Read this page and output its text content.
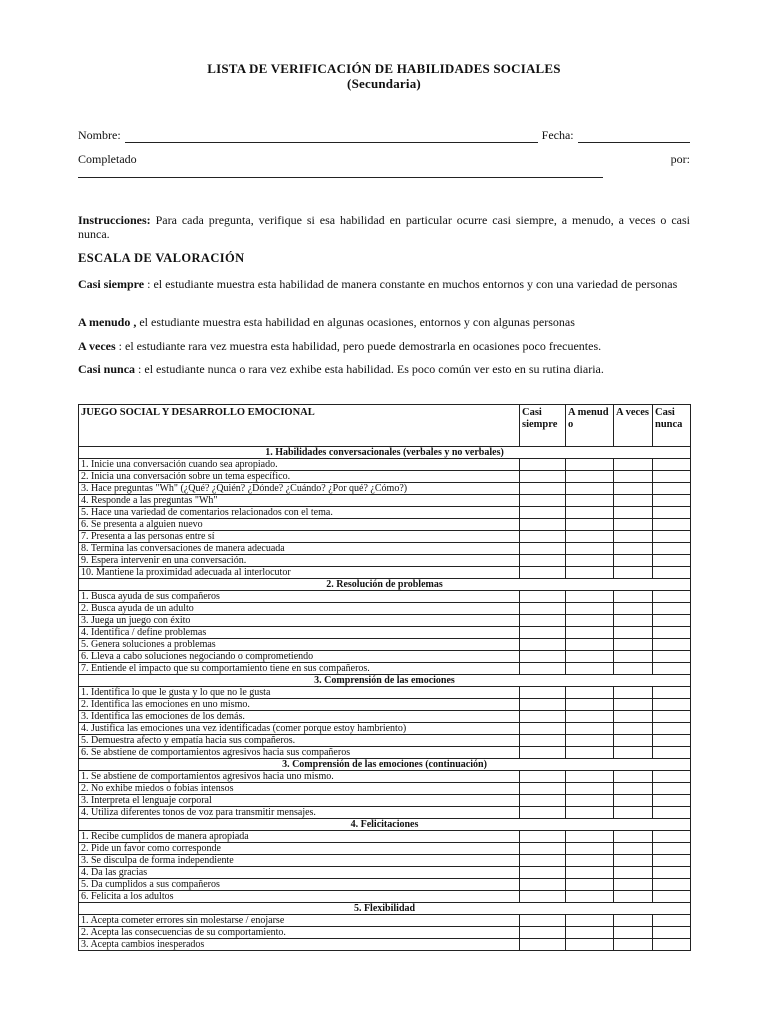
LISTA DE VERIFICACIÓN DE HABILIDADES SOCIALES
(Secundaria)
Nombre:	Fecha:
Completado	por:
Instrucciones: Para cada pregunta, verifique si esa habilidad en particular ocurre casi siempre, a menudo, a veces o casi nunca.
ESCALA DE VALORACIÓN
Casi siempre : el estudiante muestra esta habilidad de manera constante en muchos entornos y con una variedad de personas
A menudo , el estudiante muestra esta habilidad en algunas ocasiones, entornos y con algunas personas
A veces : el estudiante rara vez muestra esta habilidad, pero puede demostrarla en ocasiones poco frecuentes.
Casi nunca : el estudiante nunca o rara vez exhibe esta habilidad. Es poco común ver esto en su rutina diaria.
JUEGO SOCIAL Y DESARROLLO EMOCIONAL	Casi siempre	A menud o	A veces	Casi nunca
1. Habilidades conversacionales (verbales y no verbales)				
1. Inicie una conversación cuando sea apropiado.				
2. Inicia una conversación sobre un tema específico.				
3. Hace preguntas "Wh" (¿Qué? ¿Quién? ¿Dónde? ¿Cuándo? ¿Por qué? ¿Cómo?)				
4. Responde a las preguntas "Wh"				
5. Hace una variedad de comentarios relacionados con el tema.				
6. Se presenta a alguien nuevo				
7. Presenta a las personas entre sí				
8. Termina las conversaciones de manera adecuada				
9. Espera intervenir en una conversación.				
10. Mantiene la proximidad adecuada al interlocutor				
2. Resolución de problemas				
1. Busca ayuda de sus compañeros				
2. Busca ayuda de un adulto				
3. Juega un juego con éxito				
4. Identifica / define problemas				
5. Genera soluciones a problemas				
6. Lleva a cabo soluciones negociando o comprometiendo				
7. Entiende el impacto que su comportamiento tiene en sus compañeros.				
3. Comprensión de las emociones				
1. Identifica lo que le gusta y lo que no le gusta				
2. Identifica las emociones en uno mismo.				
3. Identifica las emociones de los demás.				
4. Justifica las emociones una vez identificadas (comer porque estoy hambriento)				
5. Demuestra afecto y empatía hacia sus compañeros.				
6. Se abstiene de comportamientos agresivos hacia sus compañeros				
3. Comprensión de las emociones (continuación)				
1. Se abstiene de comportamientos agresivos hacia uno mismo.				
2. No exhibe miedos o fobias intensos				
3. Interpreta el lenguaje corporal				
4. Utiliza diferentes tonos de voz para transmitir mensajes.				
4. Felicitaciones				
1. Recibe cumplidos de manera apropiada				
2. Pide un favor como corresponde				
3. Se disculpa de forma independiente				
4. Da las gracias				
5. Da cumplidos a sus compañeros				
6. Felicita a los adultos				
5. Flexibilidad				
1. Acepta cometer errores sin molestarse / enojarse				
2. Acepta las consecuencias de su comportamiento.				
3. Acepta cambios inesperados				
